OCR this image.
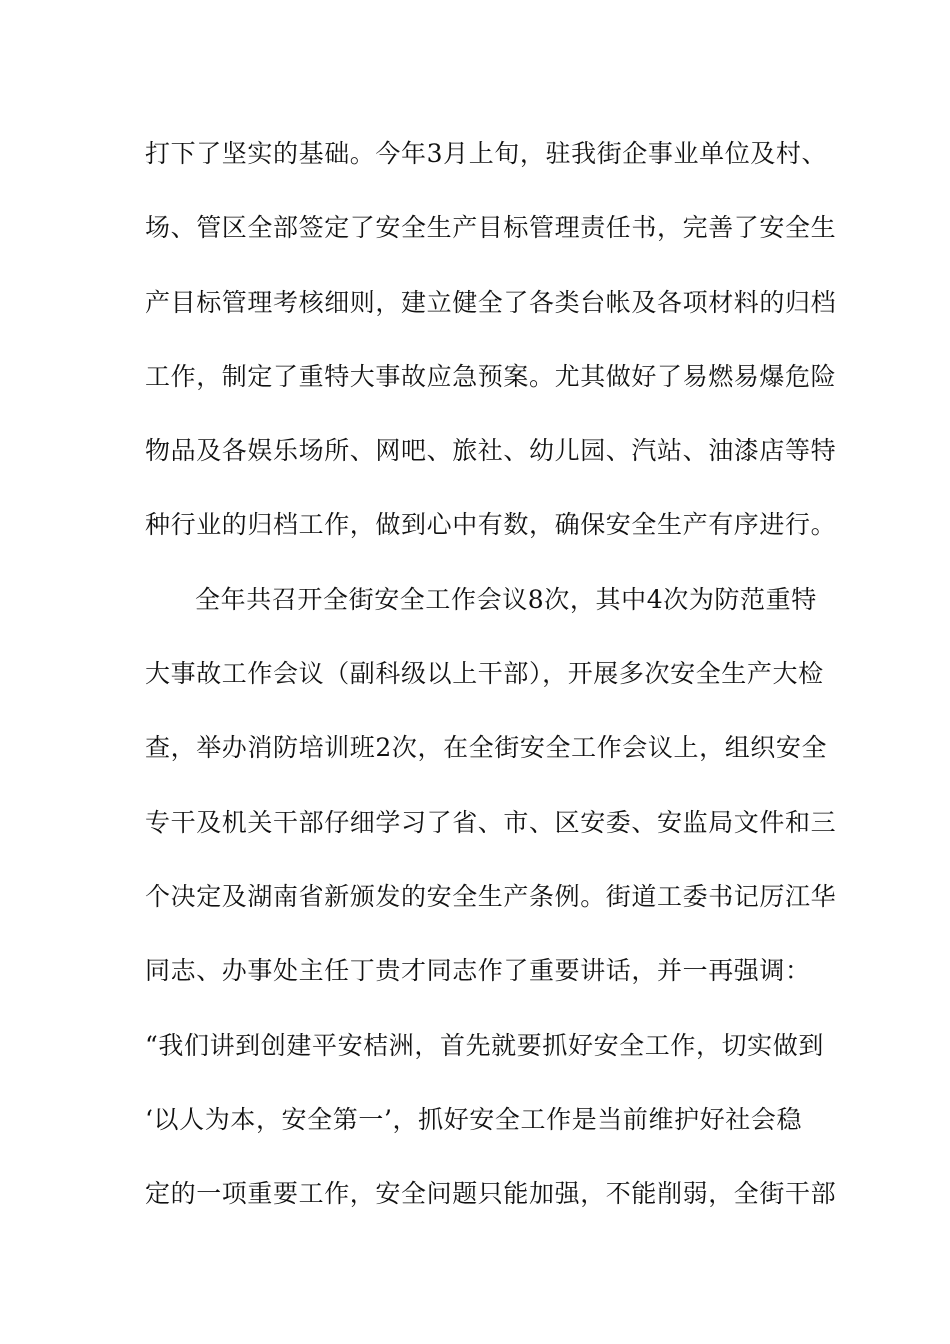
打下了坚实的基础。今年3月上旬，驻我街企事业单位及村、
场、管区全部签定了安全生产目标管理责任书，完善了安全生
产目标管理考核细则，建立健全了各类台帐及各项材料的归档
工作，制定了重特大事故应急预案。尤其做好了易燃易爆危险
物品及各娱乐场所、网吧、旅社、幼儿园、汽站、油漆店等特
种行业的归档工作，做到心中有数，确保安全生产有序进行。
全年共召开全街安全工作会议8次，其中4次为防范重特
大事故工作会议（副科级以上干部），开展多次安全生产大检
查，举办消防培训班2次，在全街安全工作会议上，组织安全
专干及机关干部仔细学习了省、市、区安委、安监局文件和三
个决定及湖南省新颁发的安全生产条例。街道工委书记厉江华
同志、办事处主任丁贵才同志作了重要讲话，并一再强调：
“我们讲到创建平安桔洲，首先就要抓好安全工作，切实做到
‘以人为本，安全第一’，抓好安全工作是当前维护好社会稳
定的一项重要工作，安全问题只能加强，不能削弱，全街干部
